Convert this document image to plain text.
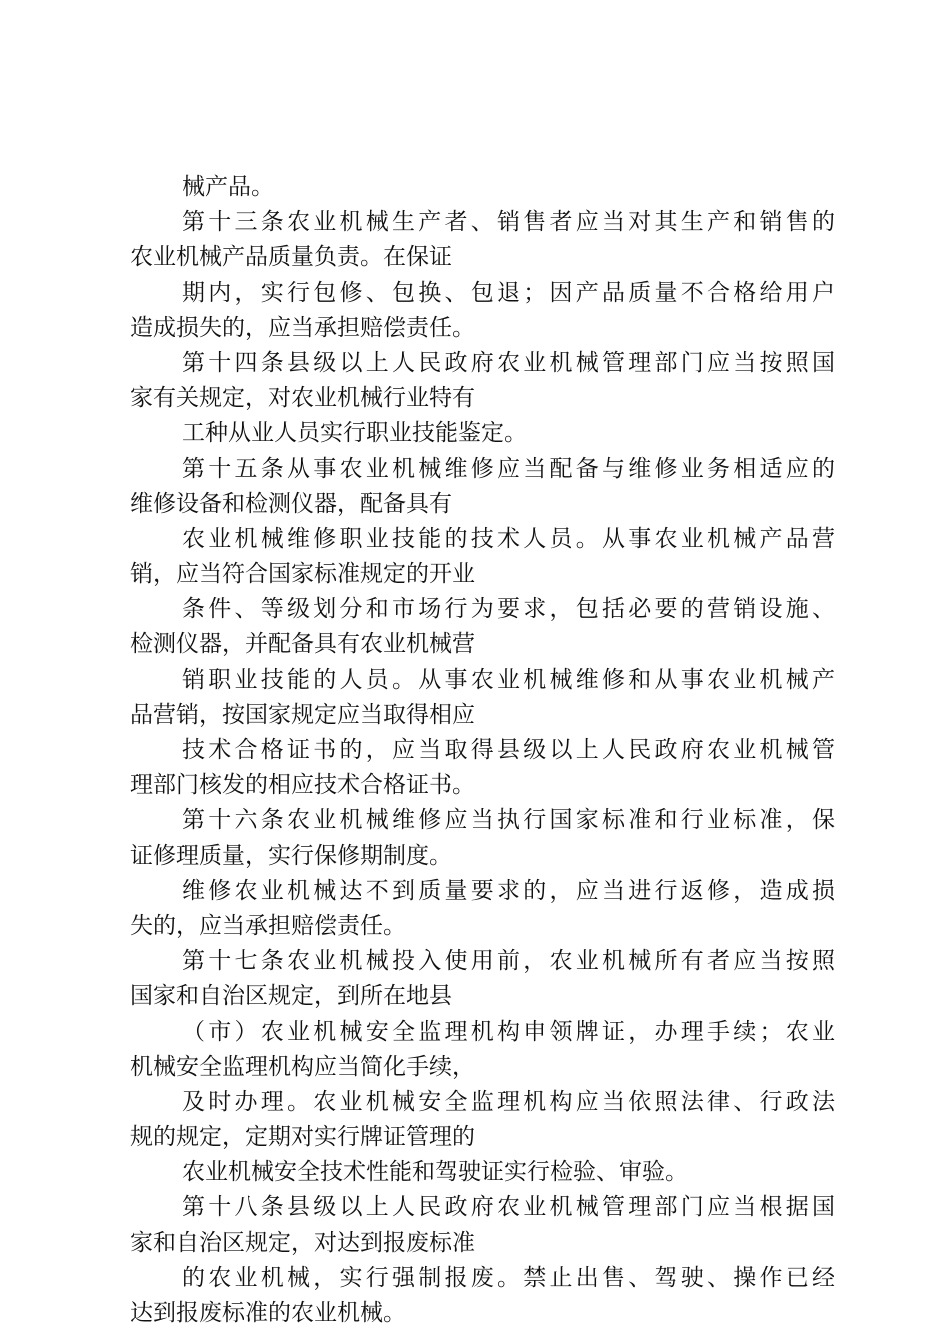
械产品。
第十三条农业机械生产者、销售者应当对其生产和销售的
农业机械产品质量负责。在保证
期内，实行包修、包换、包退；因产品质量不合格给用户
造成损失的，应当承担赔偿责任。
第十四条县级以上人民政府农业机械管理部门应当按照国
家有关规定，对农业机械行业特有
工种从业人员实行职业技能鉴定。
第十五条从事农业机械维修应当配备与维修业务相适应的
维修设备和检测仪器，配备具有
农业机械维修职业技能的技术人员。从事农业机械产品营
销，应当符合国家标准规定的开业
条件、等级划分和市场行为要求，包括必要的营销设施、
检测仪器，并配备具有农业机械营
销职业技能的人员。从事农业机械维修和从事农业机械产
品营销，按国家规定应当取得相应
技术合格证书的，应当取得县级以上人民政府农业机械管
理部门核发的相应技术合格证书。
第十六条农业机械维修应当执行国家标准和行业标准，保
证修理质量，实行保修期制度。
维修农业机械达不到质量要求的，应当进行返修，造成损
失的，应当承担赔偿责任。
第十七条农业机械投入使用前，农业机械所有者应当按照
国家和自治区规定，到所在地县
（市）农业机械安全监理机构申领牌证，办理手续；农业
机械安全监理机构应当简化手续，
及时办理。农业机械安全监理机构应当依照法律、行政法
规的规定，定期对实行牌证管理的
农业机械安全技术性能和驾驶证实行检验、审验。
第十八条县级以上人民政府农业机械管理部门应当根据国
家和自治区规定，对达到报废标准
的农业机械，实行强制报废。禁止出售、驾驶、操作已经
达到报废标准的农业机械。
